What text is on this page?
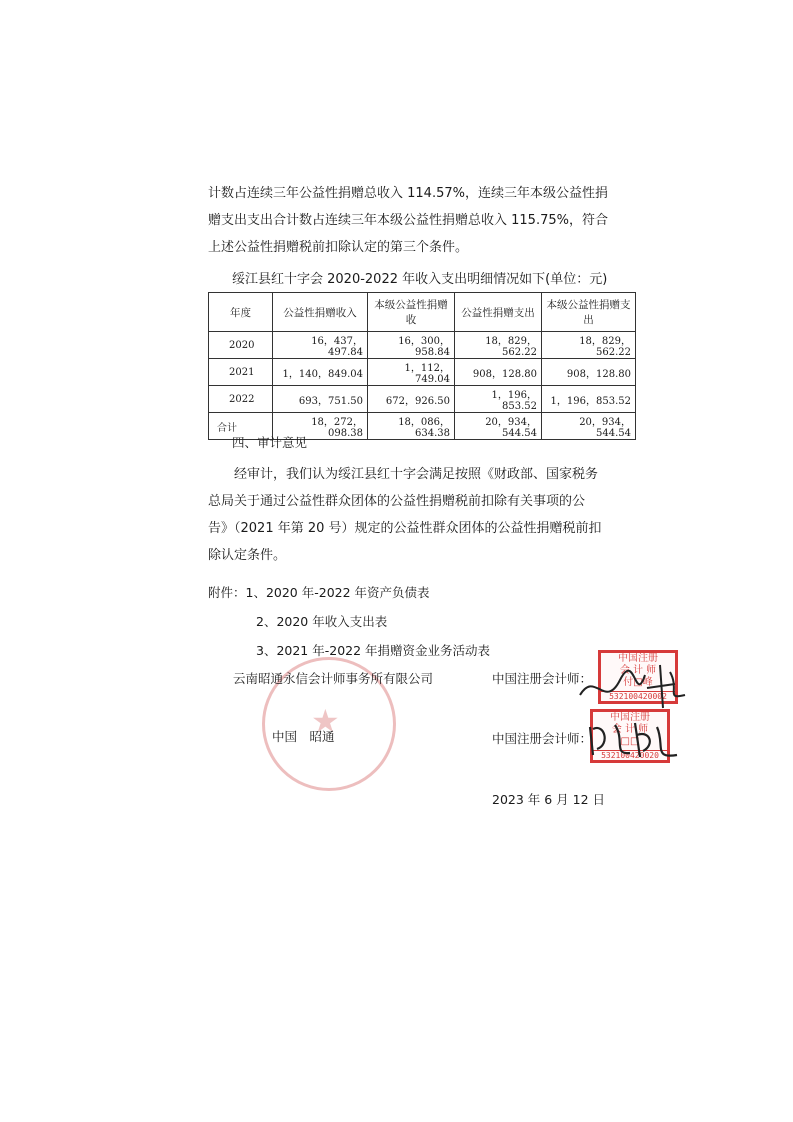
计数占连续三年公益性捐赠总收入 114.57%，连续三年本级公益性捐

赠支出支出合计数占连续三年本级公益性捐赠总收入 115.75%，符合

上述公益性捐赠税前扣除认定的第三个条件。

绥江县红十字会 2020-2022 年收入支出明细情况如下(单位：元)
年度	公益性捐赠收入	本级公益性捐赠收	公益性捐赠支出	本级公益性捐赠支出
2020	16，437，497.84	16，300，958.84	18，829，562.22	18，829，562.22
2021	1，140，849.04	1，112，749.04	908，128.80	908，128.80
2022	693，751.50	672，926.50	1，196，853.52	1，196，853.52
合计	18，272，098.38	18，086，634.38	20，934，544.54	20，934，544.54
四、审计意见

经审计，我们认为绥江县红十字会满足按照《财政部、国家税务

总局关于通过公益性群众团体的公益性捐赠税前扣除有关事项的公

告》（2021 年第 20 号）规定的公益性群众团体的公益性捐赠税前扣

除认定条件。

附件：1、2020 年-2022 年资产负债表
2、2020 年收入支出表
3、2021 年-2022 年捐赠资金业务活动表
★
云南昭通永信会计师事务所有限公司
中国　昭通
中国注册会计师：
中国注册会计师：
中国注册
会 计 师
付□峰
532100420002
中国注册
会 计 师
□□
532100420020
2023 年 6 月 12 日
